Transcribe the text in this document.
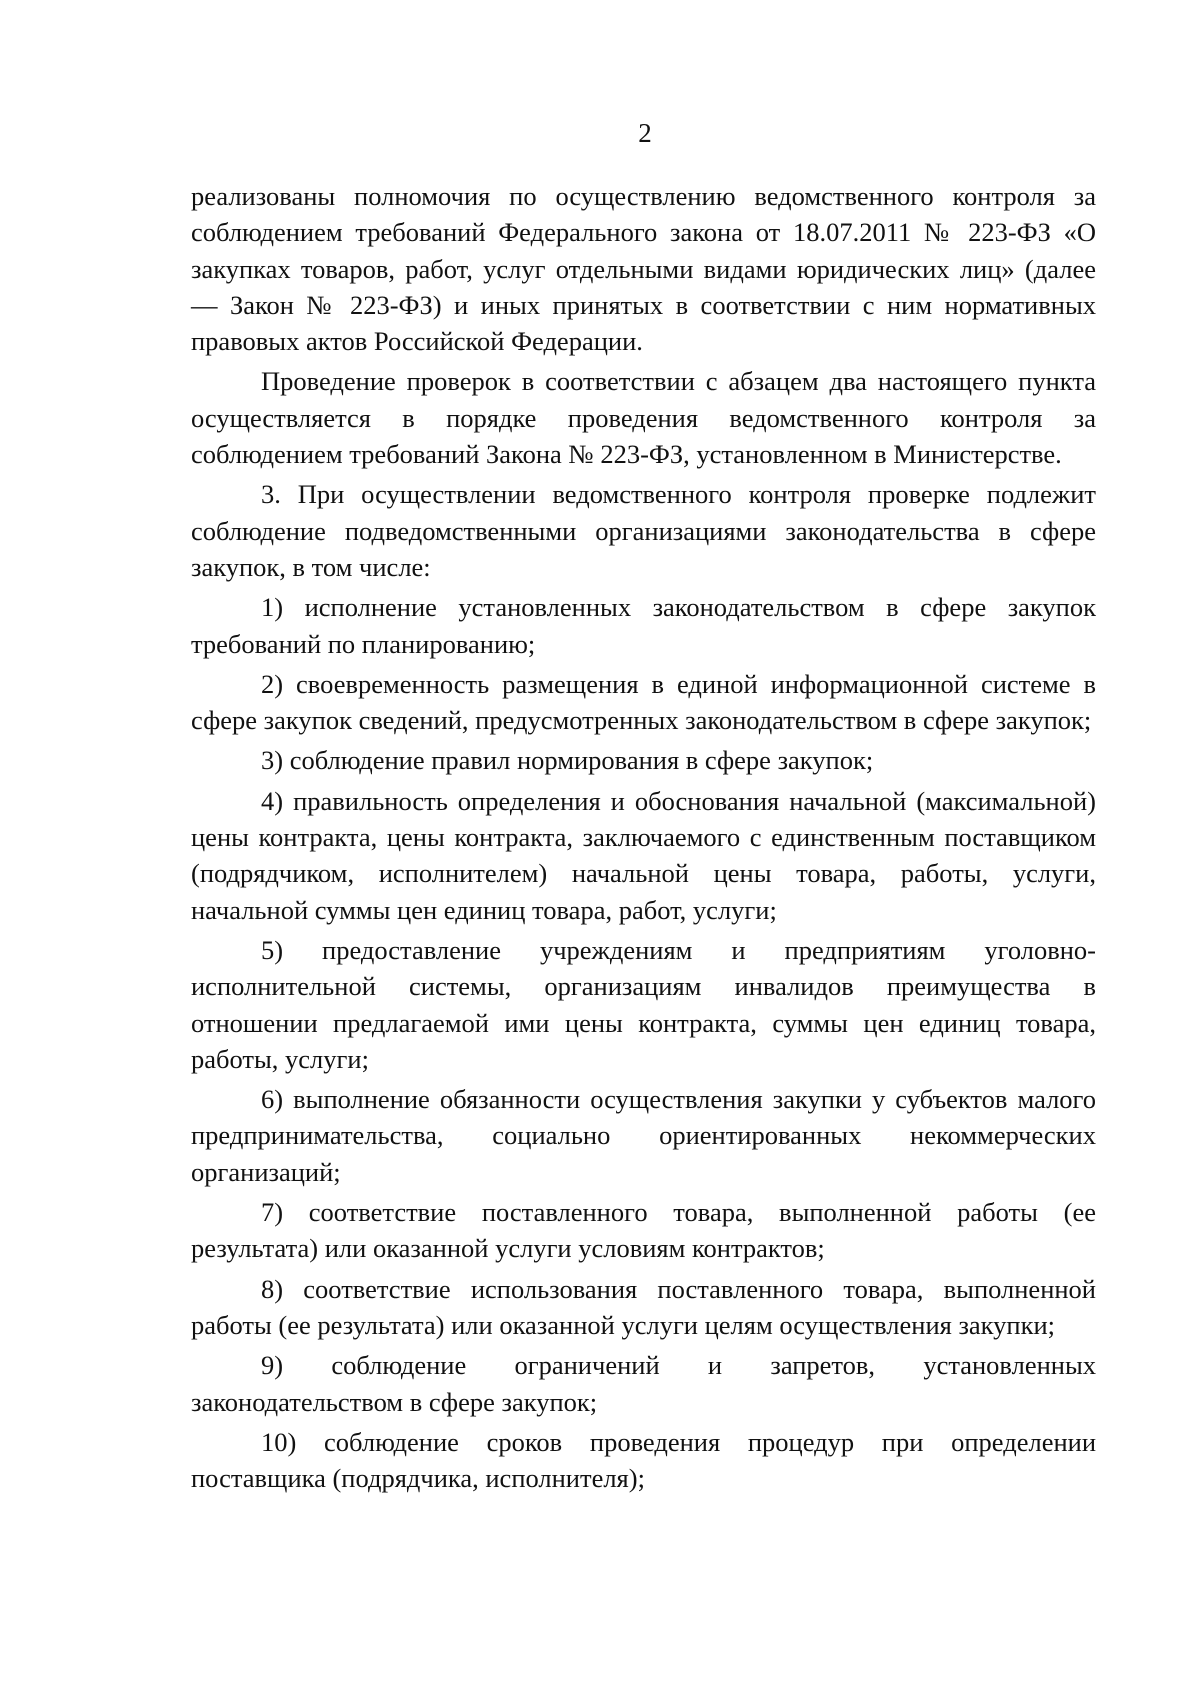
2

реализованы полномочия по осуществлению ведомственного контроля за соблюдением требований Федерального закона от 18.07.2011 № 223-ФЗ «О закупках товаров, работ, услуг отдельными видами юридических лиц» (далее — Закон № 223-ФЗ) и иных принятых в соответствии с ним нормативных правовых актов Российской Федерации.

Проведение проверок в соответствии с абзацем два настоящего пункта осуществляется в порядке проведения ведомственного контроля за соблюдением требований Закона № 223-ФЗ, установленном в Министерстве.

3. При осуществлении ведомственного контроля проверке подлежит соблюдение подведомственными организациями законодательства в сфере закупок, в том числе:

1) исполнение установленных законодательством в сфере закупок требований по планированию;

2) своевременность размещения в единой информационной системе в сфере закупок сведений, предусмотренных законодательством в сфере закупок;

3) соблюдение правил нормирования в сфере закупок;

4) правильность определения и обоснования начальной (максимальной) цены контракта, цены контракта, заключаемого с единственным поставщиком (подрядчиком, исполнителем) начальной цены товара, работы, услуги, начальной суммы цен единиц товара, работ, услуги;

5) предоставление учреждениям и предприятиям уголовно-исполнительной системы, организациям инвалидов преимущества в отношении предлагаемой ими цены контракта, суммы цен единиц товара, работы, услуги;

6) выполнение обязанности осуществления закупки у субъектов малого предпринимательства, социально ориентированных некоммерческих организаций;

7) соответствие поставленного товара, выполненной работы (ее результата) или оказанной услуги условиям контрактов;

8) соответствие использования поставленного товара, выполненной работы (ее результата) или оказанной услуги целям осуществления закупки;

9) соблюдение ограничений и запретов, установленных законодательством в сфере закупок;

10) соблюдение сроков проведения процедур при определении поставщика (подрядчика, исполнителя);
